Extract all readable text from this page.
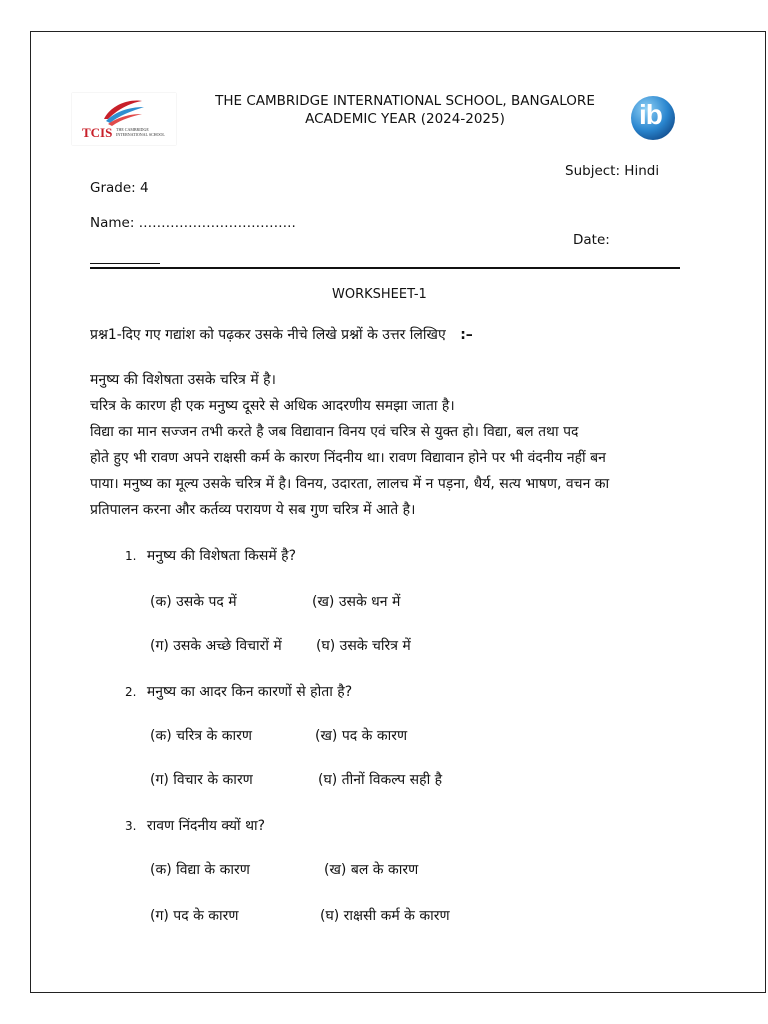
TCIS THE CAMBRIDGE INTERNATIONAL SCHOOL
THE CAMBRIDGE INTERNATIONAL SCHOOL, BANGALORE
ACADEMIC YEAR (2024-2025)	ib
Subject: Hindi
Grade: 4
Name: ……………………………..
Date:
WORKSHEET-1
प्रश्न1-दिए गए गद्यांश को पढ़कर उसके नीचे लिखे प्रश्नों के उत्तर लिखिए :–
मनुष्य की विशेषता उसके चरित्र में है।
चरित्र के कारण ही एक मनुष्य दूसरे से अधिक आदरणीय समझा जाता है।
विद्या का मान सज्जन तभी करते है जब विद्यावान विनय एवं चरित्र से युक्त हो। विद्या, बल तथा पद
होते हुए भी रावण अपने राक्षसी कर्म के कारण निंदनीय था। रावण विद्यावान होने पर भी वंदनीय नहीं बन
पाया। मनुष्य का मूल्य उसके चरित्र में है। विनय, उदारता, लालच में न पड़ना, धैर्य, सत्य भाषण, वचन का
प्रतिपालन करना और कर्तव्य परायण ये सब गुण चरित्र में आते है।
1. मनुष्य की विशेषता किसमें है?
(क) उसके पद में	(ख) उसके धन में
(ग) उसके अच्छे विचारों में (घ) उसके चरित्र में
2. मनुष्य का आदर किन कारणों से होता है?
(क) चरित्र के कारण	(ख) पद के कारण
(ग) विचार के कारण	(घ) तीनों विकल्प सही है
3. रावण निंदनीय क्यों था?
(क) विद्या के कारण	(ख) बल के कारण
(ग) पद के कारण	(घ) राक्षसी कर्म के कारण
